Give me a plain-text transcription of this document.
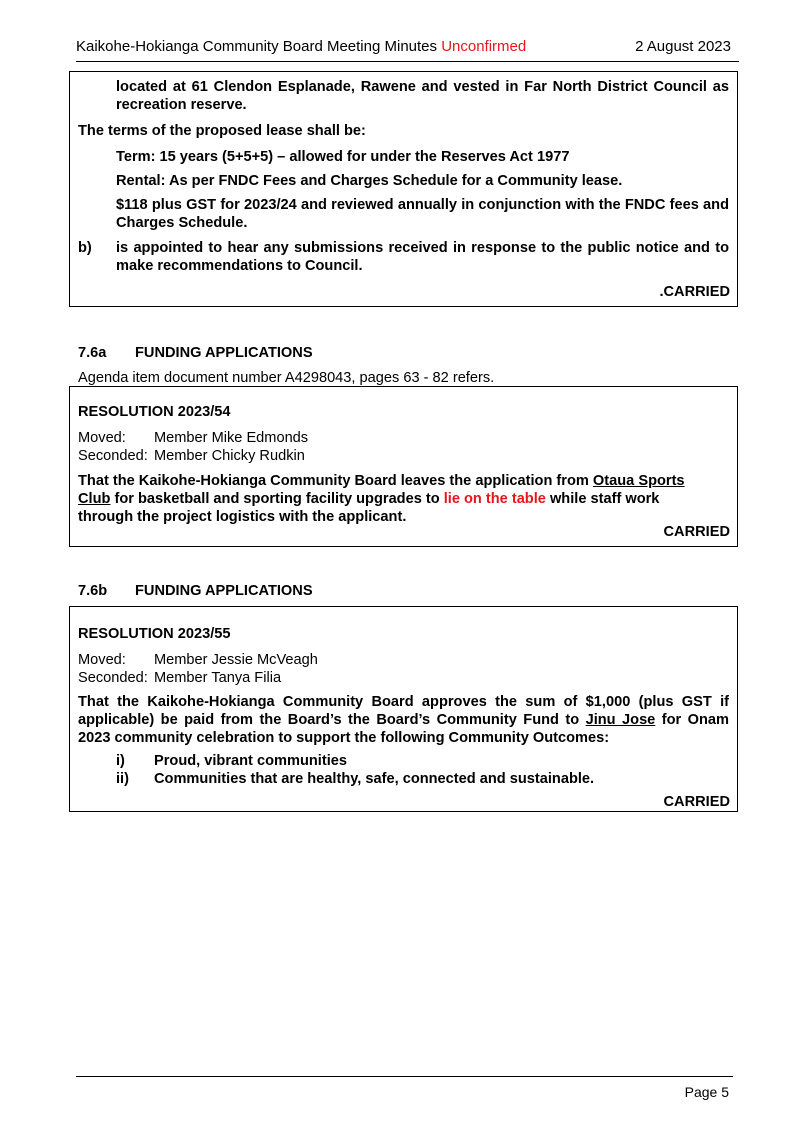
Kaikohe-Hokianga Community Board Meeting Minutes Unconfirmed	2 August 2023
located at 61 Clendon Esplanade, Rawene and vested in Far North District Council as recreation reserve.
The terms of the proposed lease shall be:
Term: 15 years (5+5+5) – allowed for under the Reserves Act 1977
Rental: As per FNDC Fees and Charges Schedule for a Community lease.
$118 plus GST for 2023/24 and reviewed annually in conjunction with the FNDC fees and Charges Schedule.
b) is appointed to hear any submissions received in response to the public notice and to make recommendations to Council.
.CARRIED
7.6a FUNDING APPLICATIONS
Agenda item document number A4298043, pages 63 - 82 refers.
RESOLUTION 2023/54
Moved: Member Mike Edmonds
Seconded: Member Chicky Rudkin
That the Kaikohe-Hokianga Community Board leaves the application from Otaua Sports
Club for basketball and sporting facility upgrades to lie on the table while staff work
through the project logistics with the applicant.
CARRIED
7.6b FUNDING APPLICATIONS
RESOLUTION 2023/55
Moved: Member Jessie McVeagh
Seconded: Member Tanya Filia
That the Kaikohe-Hokianga Community Board approves the sum of $1,000 (plus GST if applicable) be paid from the Board’s the Board’s Community Fund to Jinu Jose for Onam 2023 community celebration to support the following Community Outcomes:
i) Proud, vibrant communities
ii) Communities that are healthy, safe, connected and sustainable.
CARRIED
Page 5
